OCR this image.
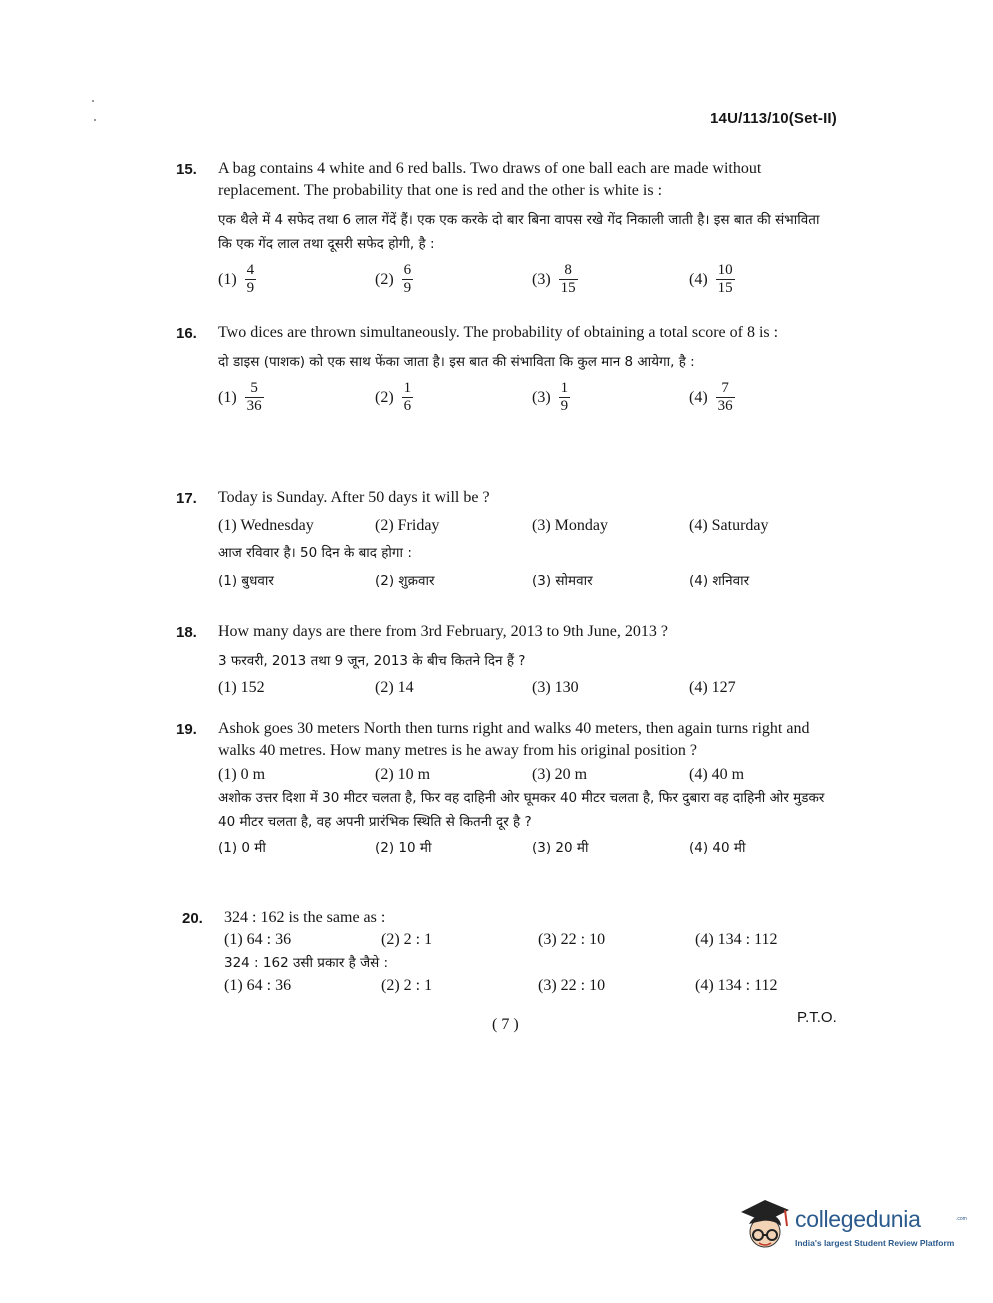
14U/113/10(Set-II)
15. A bag contains 4 white and 6 red balls. Two draws of one ball each are made without replacement. The probability that one is red and the other is white is :
एक थैले में 4 सफेद तथा 6 लाल गेंदें हैं। एक एक करके दो बार बिना वापस रखे गेंद निकाली जाती है। इस बात की संभाविता कि एक गेंद लाल तथा दूसरी सफेद होगी, है :
$(1) \frac{4}{9}$	$(2) \frac{6}{9}$	$(3) \frac{8}{15}$	$(4) \frac{10}{15}$
16. Two dices are thrown simultaneously. The probability of obtaining a total score of 8 is :
दो डाइस (पाशक) को एक साथ फेंका जाता है। इस बात की संभाविता कि कुल मान 8 आयेगा, है :
$(1) \frac{5}{36}$	$(2) \frac{1}{6}$	$(3) \frac{1}{9}$	$(4) \frac{7}{36}$
17. Today is Sunday. After 50 days it will be ?
(1) Wednesday	(2) Friday	(3) Monday	(4) Saturday
आज रविवार है। 50 दिन के बाद होगा :
(1) बुधवार	(2) शुक्रवार	(3) सोमवार	(4) शनिवार
18. How many days are there from 3rd February, 2013 to 9th June, 2013 ?
3 फरवरी, 2013 तथा 9 जून, 2013 के बीच कितने दिन हैं ?
(1) 152	(2) 14	(3) 130	(4) 127
19. Ashok goes 30 meters North then turns right and walks 40 meters, then again turns right and walks 40 metres. How many metres is he away from his original position ?
(1) 0 m	(2) 10 m	(3) 20 m	(4) 40 m
अशोक उत्तर दिशा में 30 मीटर चलता है, फिर वह दाहिनी ओर घूमकर 40 मीटर चलता है, फिर दुबारा वह दाहिनी ओर मुडकर 40 मीटर चलता है, वह अपनी प्रारंभिक स्थिति से कितनी दूर है ?
(1) 0 मी	(2) 10 मी	(3) 20 मी	(4) 40 मी
20. 324 : 162 is the same as :
(1) 64 : 36	(2) 2 : 1	(3) 22 : 10	(4) 134 : 112
324 : 162 उसी प्रकार है जैसे :
(1) 64 : 36	(2) 2 : 1	(3) 22 : 10	(4) 134 : 112
( 7 )	P.T.O.
collegedunia	.com
India's largest Student Review Platform
